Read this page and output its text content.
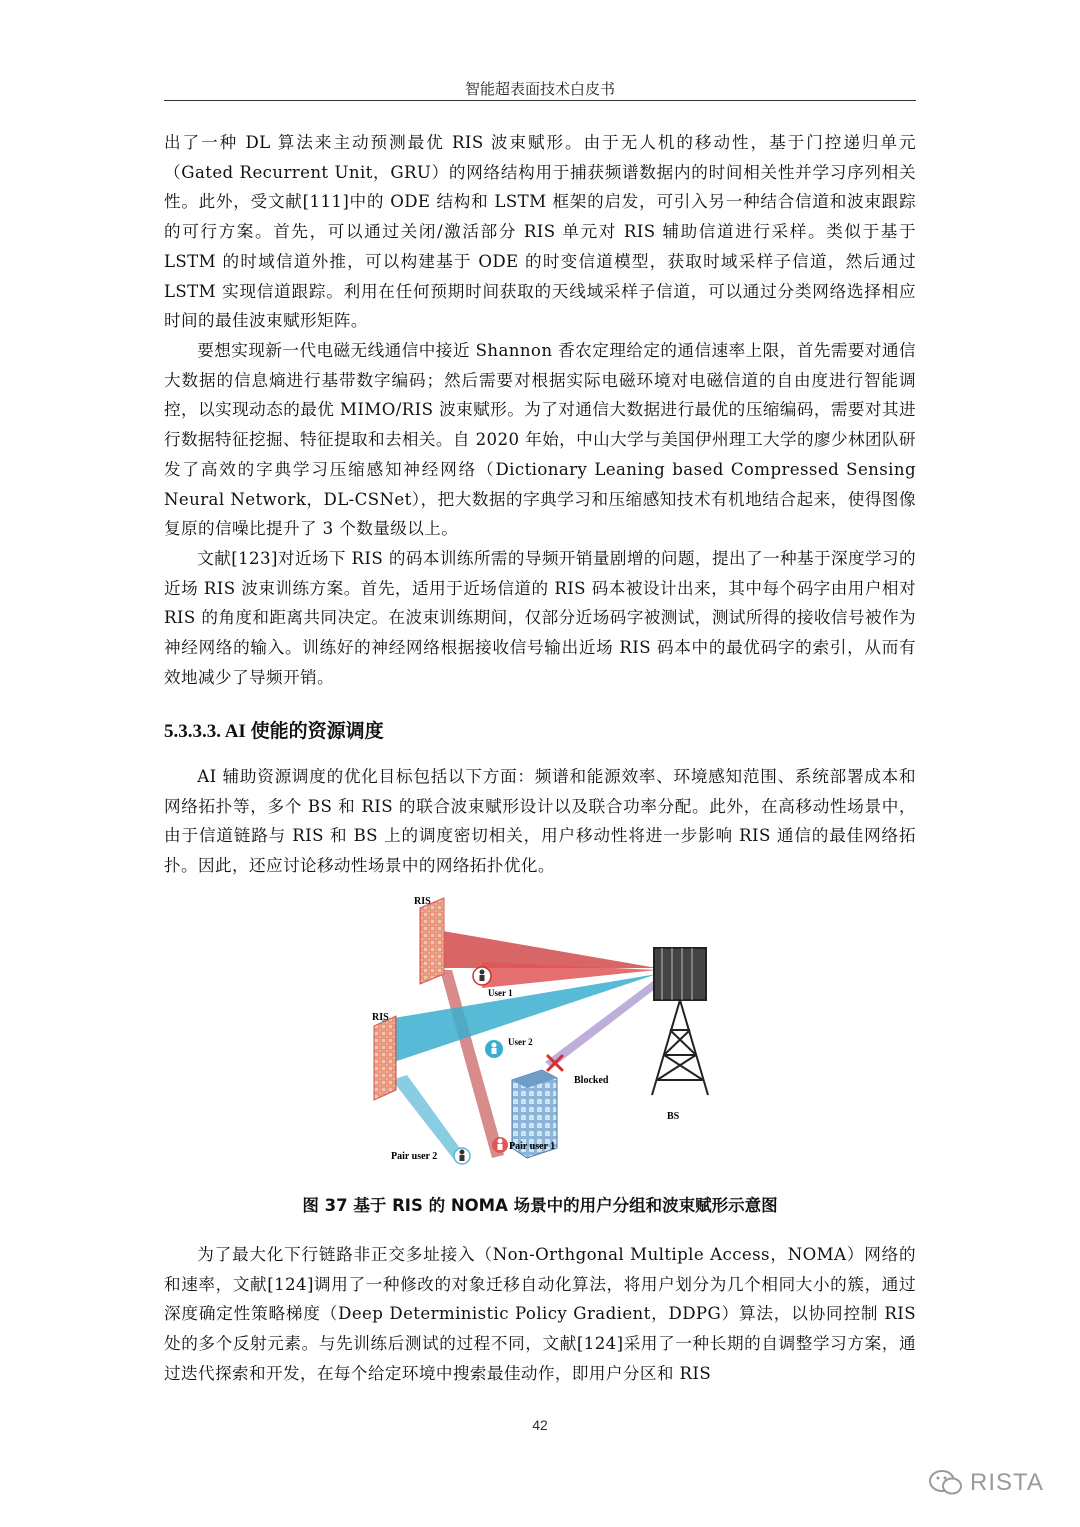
智能超表面技术白皮书

出了一种 DL 算法来主动预测最优 RIS 波束赋形。由于无人机的移动性，基于门控递归单元（Gated Recurrent Unit，GRU）的网络结构用于捕获频谱数据内的时间相关性并学习序列相关性。此外，受文献[111]中的 ODE 结构和 LSTM 框架的启发，可引入另一种结合信道和波束跟踪的可行方案。首先，可以通过关闭/激活部分 RIS 单元对 RIS 辅助信道进行采样。类似于基于 LSTM 的时域信道外推，可以构建基于 ODE 的时变信道模型，获取时域采样子信道，然后通过 LSTM 实现信道跟踪。利用在任何预期时间获取的天线域采样子信道，可以通过分类网络选择相应时间的最佳波束赋形矩阵。

要想实现新一代电磁无线通信中接近 Shannon 香农定理给定的通信速率上限，首先需要对通信大数据的信息熵进行基带数字编码；然后需要对根据实际电磁环境对电磁信道的自由度进行智能调控，以实现动态的最优 MIMO/RIS 波束赋形。为了对通信大数据进行最优的压缩编码，需要对其进行数据特征挖掘、特征提取和去相关。自 2020 年始，中山大学与美国伊州理工大学的廖少林团队研发了高效的字典学习压缩感知神经网络（Dictionary Leaning based Compressed Sensing Neural Network，DL-CSNet），把大数据的字典学习和压缩感知技术有机地结合起来，使得图像复原的信噪比提升了 3 个数量级以上。

文献[123]对近场下 RIS 的码本训练所需的导频开销量剧增的问题，提出了一种基于深度学习的近场 RIS 波束训练方案。首先，适用于近场信道的 RIS 码本被设计出来，其中每个码字由用户相对 RIS 的角度和距离共同决定。在波束训练期间，仅部分近场码字被测试，测试所得的接收信号被作为神经网络的输入。训练好的神经网络根据接收信号输出近场 RIS 码本中的最优码字的索引，从而有效地减少了导频开销。

5.3.3.3. AI 使能的资源调度

AI 辅助资源调度的优化目标包括以下方面：频谱和能源效率、环境感知范围、系统部署成本和网络拓扑等，多个 BS 和 RIS 的联合波束赋形设计以及联合功率分配。此外，在高移动性场景中，由于信道链路与 RIS 和 BS 上的调度密切相关，用户移动性将进一步影响 RIS 通信的最佳网络拓扑。因此，还应讨论移动性场景中的网络拓扑优化。

RIS
RIS
User 1
User 2
Blocked
BS
Pair user 1
Pair user 2
图 37 基于 RIS 的 NOMA 场景中的用户分组和波束赋形示意图

为了最大化下行链路非正交多址接入（Non-Orthgonal Multiple Access，NOMA）网络的和速率，文献[124]调用了一种修改的对象迁移自动化算法，将用户划分为几个相同大小的簇，通过深度确定性策略梯度（Deep Deterministic Policy Gradient，DDPG）算法，以协同控制 RIS 处的多个反射元素。与先训练后测试的过程不同，文献[124]采用了一种长期的自调整学习方案，通过迭代探索和开发，在每个给定环境中搜索最佳动作，即用户分区和 RIS

42
RISTA
